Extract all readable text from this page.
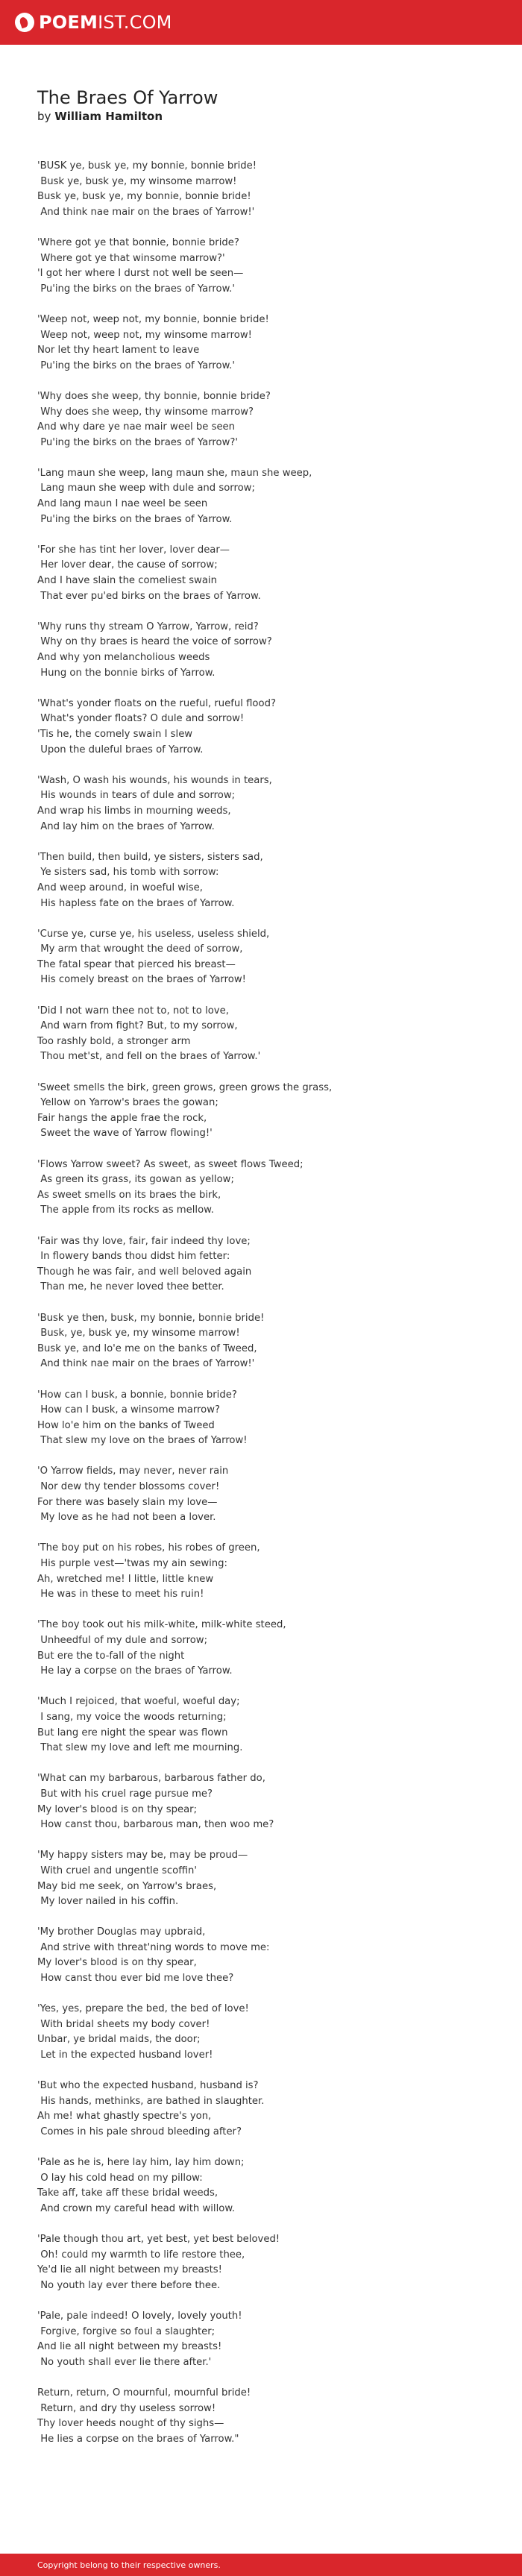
POEM IST.COM
The Braes Of Yarrow
by William Hamilton
'BUSK ye, busk ye, my bonnie, bonnie bride!
Busk ye, busk ye, my winsome marrow!
Busk ye, busk ye, my bonnie, bonnie bride!
And think nae mair on the braes of Yarrow!'
'Where got ye that bonnie, bonnie bride?
Where got ye that winsome marrow?'
'I got her where I durst not well be seen—
Pu'ing the birks on the braes of Yarrow.'
'Weep not, weep not, my bonnie, bonnie bride!
Weep not, weep not, my winsome marrow!
Nor let thy heart lament to leave
Pu'ing the birks on the braes of Yarrow.'
'Why does she weep, thy bonnie, bonnie bride?
Why does she weep, thy winsome marrow?
And why dare ye nae mair weel be seen
Pu'ing the birks on the braes of Yarrow?'
'Lang maun she weep, lang maun she, maun she weep,
Lang maun she weep with dule and sorrow;
And lang maun I nae weel be seen
Pu'ing the birks on the braes of Yarrow.
'For she has tint her lover, lover dear—
Her lover dear, the cause of sorrow;
And I have slain the comeliest swain
That ever pu'ed birks on the braes of Yarrow.
'Why runs thy stream O Yarrow, Yarrow, reid?
Why on thy braes is heard the voice of sorrow?
And why yon melancholious weeds
Hung on the bonnie birks of Yarrow.
'What's yonder floats on the rueful, rueful flood?
What's yonder floats? O dule and sorrow!
'Tis he, the comely swain I slew
Upon the duleful braes of Yarrow.
'Wash, O wash his wounds, his wounds in tears,
His wounds in tears of dule and sorrow;
And wrap his limbs in mourning weeds,
And lay him on the braes of Yarrow.
'Then build, then build, ye sisters, sisters sad,
Ye sisters sad, his tomb with sorrow:
And weep around, in woeful wise,
His hapless fate on the braes of Yarrow.
'Curse ye, curse ye, his useless, useless shield,
My arm that wrought the deed of sorrow,
The fatal spear that pierced his breast—
His comely breast on the braes of Yarrow!
'Did I not warn thee not to, not to love,
And warn from fight? But, to my sorrow,
Too rashly bold, a stronger arm
Thou met'st, and fell on the braes of Yarrow.'
'Sweet smells the birk, green grows, green grows the grass,
Yellow on Yarrow's braes the gowan;
Fair hangs the apple frae the rock,
Sweet the wave of Yarrow flowing!'
'Flows Yarrow sweet? As sweet, as sweet flows Tweed;
As green its grass, its gowan as yellow;
As sweet smells on its braes the birk,
The apple from its rocks as mellow.
'Fair was thy love, fair, fair indeed thy love;
In flowery bands thou didst him fetter:
Though he was fair, and well beloved again
Than me, he never loved thee better.
'Busk ye then, busk, my bonnie, bonnie bride!
Busk, ye, busk ye, my winsome marrow!
Busk ye, and lo'e me on the banks of Tweed,
And think nae mair on the braes of Yarrow!'
'How can I busk, a bonnie, bonnie bride?
How can I busk, a winsome marrow?
How lo'e him on the banks of Tweed
That slew my love on the braes of Yarrow!
'O Yarrow fields, may never, never rain
Nor dew thy tender blossoms cover!
For there was basely slain my love—
My love as he had not been a lover.
'The boy put on his robes, his robes of green,
His purple vest—'twas my ain sewing:
Ah, wretched me! I little, little knew
He was in these to meet his ruin!
'The boy took out his milk-white, milk-white steed,
Unheedful of my dule and sorrow;
But ere the to-fall of the night
He lay a corpse on the braes of Yarrow.
'Much I rejoiced, that woeful, woeful day;
I sang, my voice the woods returning;
But lang ere night the spear was flown
That slew my love and left me mourning.
'What can my barbarous, barbarous father do,
But with his cruel rage pursue me?
My lover's blood is on thy spear;
How canst thou, barbarous man, then woo me?
'My happy sisters may be, may be proud—
With cruel and ungentle scoffin'
May bid me seek, on Yarrow's braes,
My lover nailed in his coffin.
'My brother Douglas may upbraid,
And strive with threat'ning words to move me:
My lover's blood is on thy spear,
How canst thou ever bid me love thee?
'Yes, yes, prepare the bed, the bed of love!
With bridal sheets my body cover!
Unbar, ye bridal maids, the door;
Let in the expected husband lover!
'But who the expected husband, husband is?
His hands, methinks, are bathed in slaughter.
Ah me! what ghastly spectre's yon,
Comes in his pale shroud bleeding after?
'Pale as he is, here lay him, lay him down;
O lay his cold head on my pillow:
Take aff, take aff these bridal weeds,
And crown my careful head with willow.
'Pale though thou art, yet best, yet best beloved!
Oh! could my warmth to life restore thee,
Ye'd lie all night between my breasts!
No youth lay ever there before thee.
'Pale, pale indeed! O lovely, lovely youth!
Forgive, forgive so foul a slaughter;
And lie all night between my breasts!
No youth shall ever lie there after.'
Return, return, O mournful, mournful bride!
Return, and dry thy useless sorrow!
Thy lover heeds nought of thy sighs—
He lies a corpse on the braes of Yarrow."
Copyright belong to their respective owners.
